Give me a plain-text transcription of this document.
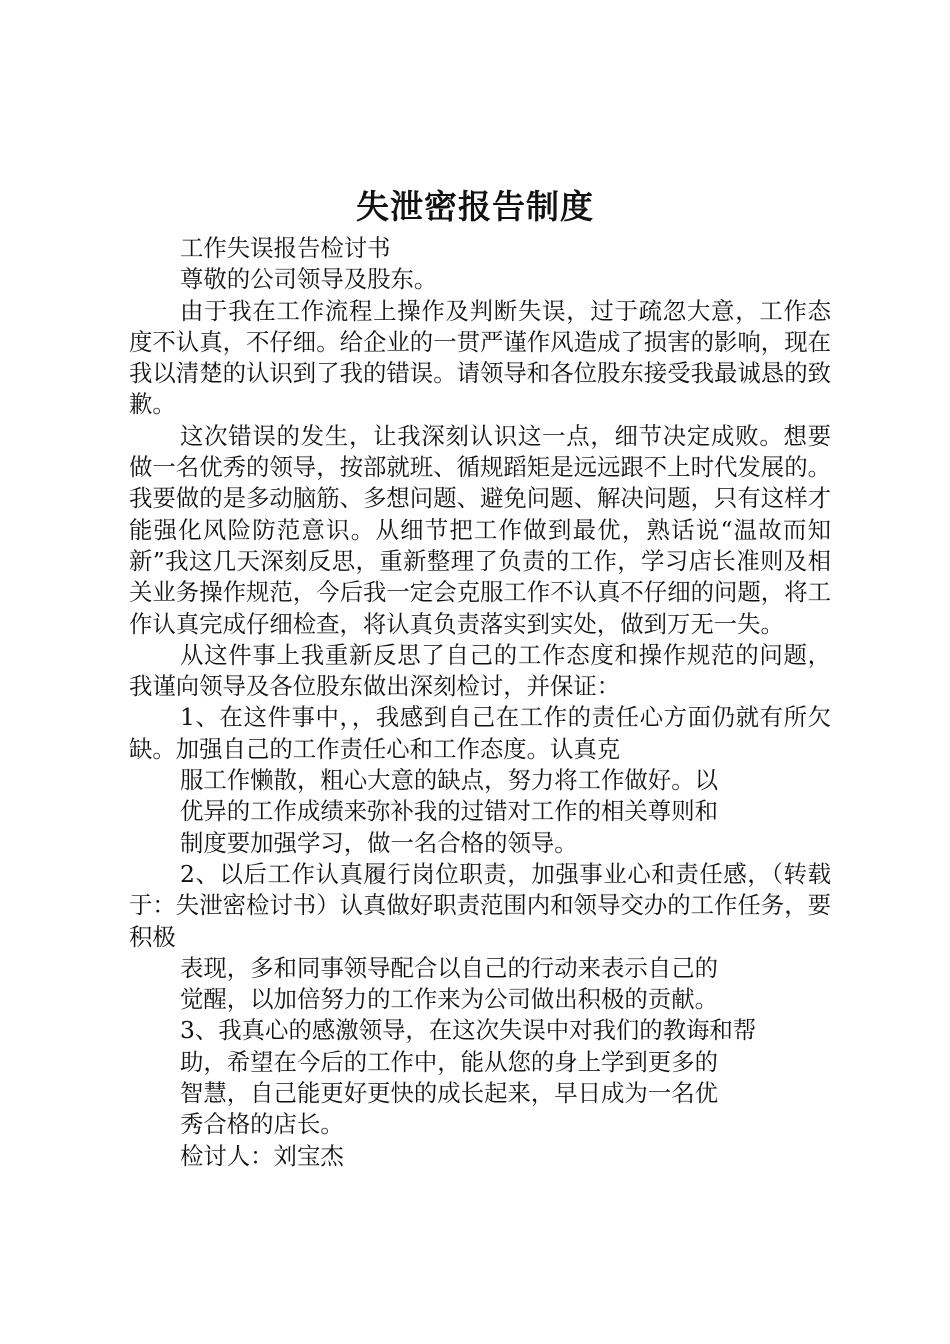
失泄密报告制度

工作失误报告检讨书

尊敬的公司领导及股东。

由于我在工作流程上操作及判断失误，过于疏忽大意，工作态度不认真，不仔细。给企业的一贯严谨作风造成了损害的影响，现在我以清楚的认识到了我的错误。请领导和各位股东接受我最诚恳的致歉。

这次错误的发生，让我深刻认识这一点，细节决定成败。想要做一名优秀的领导，按部就班、循规蹈矩是远远跟不上时代发展的。我要做的是多动脑筋、多想问题、避免问题、解决问题，只有这样才能强化风险防范意识。从细节把工作做到最优，熟话说“温故而知新”我这几天深刻反思，重新整理了负责的工作，学习店长准则及相关业务操作规范，今后我一定会克服工作不认真不仔细的问题，将工作认真完成仔细检查，将认真负责落实到实处，做到万无一失。

从这件事上我重新反思了自己的工作态度和操作规范的问题，我谨向领导及各位股东做出深刻检讨，并保证：

1、在这件事中，，我感到自己在工作的责任心方面仍就有所欠缺。加强自己的工作责任心和工作态度。认真克

服工作懒散，粗心大意的缺点，努力将工作做好。以

优异的工作成绩来弥补我的过错对工作的相关尊则和

制度要加强学习，做一名合格的领导。

2、以后工作认真履行岗位职责，加强事业心和责任感，（转载于：失泄密检讨书）认真做好职责范围内和领导交办的工作任务，要积极

表现，多和同事领导配合以自己的行动来表示自己的

觉醒，以加倍努力的工作来为公司做出积极的贡献。

3、我真心的感激领导，在这次失误中对我们的教诲和帮

助，希望在今后的工作中，能从您的身上学到更多的

智慧，自己能更好更快的成长起来，早日成为一名优

秀合格的店长。

检讨人：刘宝杰
